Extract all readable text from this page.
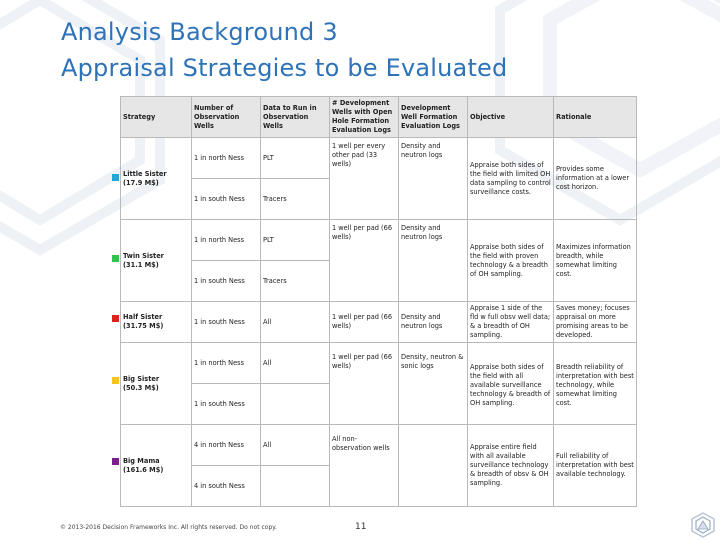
Analysis Background 3
Appraisal Strategies to be Evaluated
Strategy	Number of Observation Wells	Data to Run in Observation Wells	# Development Wells with Open Hole Formation Evaluation Logs	Development Well Formation Evaluation Logs	Objective	Rationale

Little Sister
(17.9 M$)	1 in north Ness	PLT	1 well per every other pad (33 wells)	Density and neutron logs	Appraise both sides of the field with limited OH data sampling to control surveillance costs.	Provides some information at a lower cost horizon.
	1 in south Ness	Tracers				

Twin Sister
(31.1 M$)	1 in north Ness	PLT	1 well per pad (66 wells)	Density and neutron logs	Appraise both sides of the field with proven technology & a breadth of OH sampling.	Maximizes information breadth, while somewhat limiting cost.
	1 in south Ness	Tracers				

Half Sister
(31.75 M$)	1 in south Ness	All	1 well per pad (66 wells)	Density and neutron logs	Appraise 1 side of the fld w full obsv well data; & a breadth of OH sampling.	Saves money; focuses appraisal on more promising areas to be developed.

Big Sister
(50.3 M$)	1 in north Ness	All	1 well per pad (66 wells)	Density, neutron & sonic logs	Appraise both sides of the field with all available surveillance technology & breadth of OH sampling.	Breadth reliability of interpretation with best technology, while somewhat limiting cost.
	1 in south Ness					

Big Mama
(161.6 M$)	4 in north Ness	All	All non-observation wells		Appraise entire field with all available surveillance technology & breadth of obsv & OH sampling.	Full reliability of interpretation with best available technology.
	4 in south Ness					
© 2013-2016 Decision Frameworks Inc. All rights reserved. Do not copy.	11
